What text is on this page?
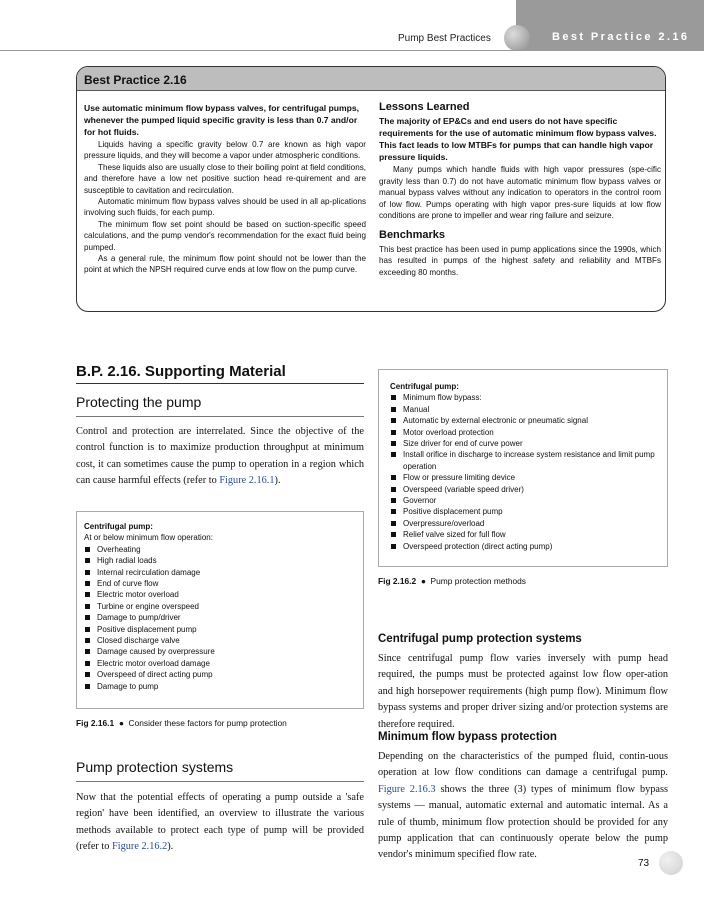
Pump Best Practices	Best Practice 2.16
Best Practice 2.16

Use automatic minimum flow bypass valves, for centrifugal pumps, whenever the pumped liquid specific gravity is less than 0.7 and/or for hot fluids.

Liquids having a specific gravity below 0.7 are known as high vapor pressure liquids, and they will become a vapor under atmospheric conditions.

These liquids also are usually close to their boiling point at field conditions, and therefore have a low net positive suction head re-quirement and are susceptible to cavitation and recirculation.

Automatic minimum flow bypass valves should be used in all ap-plications involving such fluids, for each pump.

The minimum flow set point should be based on suction-specific speed calculations, and the pump vendor's recommendation for the exact fluid being pumped.

As a general rule, the minimum flow point should not be lower than the point at which the NPSH required curve ends at low flow on the pump curve.

Lessons Learned

The majority of EP&Cs and end users do not have specific requirements for the use of automatic minimum flow bypass valves. This fact leads to low MTBFs for pumps that can handle high vapor pressure liquids.

Many pumps which handle fluids with high vapor pressures (spe-cific gravity less than 0.7) do not have automatic minimum flow bypass valves or manual bypass valves without any indication to operators in the control room of low flow. Pumps operating with high vapor pres-sure liquids at low flow conditions are prone to impeller and wear ring failure and seizure.

Benchmarks

This best practice has been used in pump applications since the 1990s, which has resulted in pumps of the highest safety and reliability and MTBFs exceeding 80 months.

B.P. 2.16. Supporting Material
Protecting the pump

Control and protection are interrelated. Since the objective of the control function is to maximize production throughput at minimum cost, it can sometimes cause the pump to operation in a region which can cause harmful effects (refer to Figure 2.16.1).

Centrifugal pump:

At or below minimum flow operation:

Overheating
High radial loads
Internal recirculation damage
End of curve flow
Electric motor overload
Turbine or engine overspeed
Damage to pump/driver
Positive displacement pump
Closed discharge valve
Damage caused by overpressure
Electric motor overload damage
Overspeed of direct acting pump
Damage to pump
Fig 2.16.1  ●  Consider these factors for pump protection
Pump protection systems

Now that the potential effects of operating a pump outside a 'safe region' have been identified, an overview to illustrate the various methods available to protect each type of pump will be provided (refer to Figure 2.16.2).

Centrifugal pump:

Minimum flow bypass:
Manual
Automatic by external electronic or pneumatic signal
Motor overload protection
Size driver for end of curve power
Install orifice in discharge to increase system resistance and limit pump operation
Flow or pressure limiting device
Overspeed (variable speed driver)
Governor
Positive displacement pump
Overpressure/overload
Relief valve sized for full flow
Overspeed protection (direct acting pump)
Fig 2.16.2  ●  Pump protection methods
Centrifugal pump protection systems

Since centrifugal pump flow varies inversely with pump head required, the pumps must be protected against low flow oper-ation and high horsepower requirements (high pump flow). Minimum flow bypass systems and proper driver sizing and/or protection systems are therefore required.

Minimum flow bypass protection

Depending on the characteristics of the pumped fluid, contin-uous operation at low flow conditions can damage a centrifugal pump. Figure 2.16.3 shows the three (3) types of minimum flow bypass systems — manual, automatic external and automatic internal. As a rule of thumb, minimum flow protection should be provided for any pump application that can continuously operate below the pump vendor's minimum specified flow rate.

73
